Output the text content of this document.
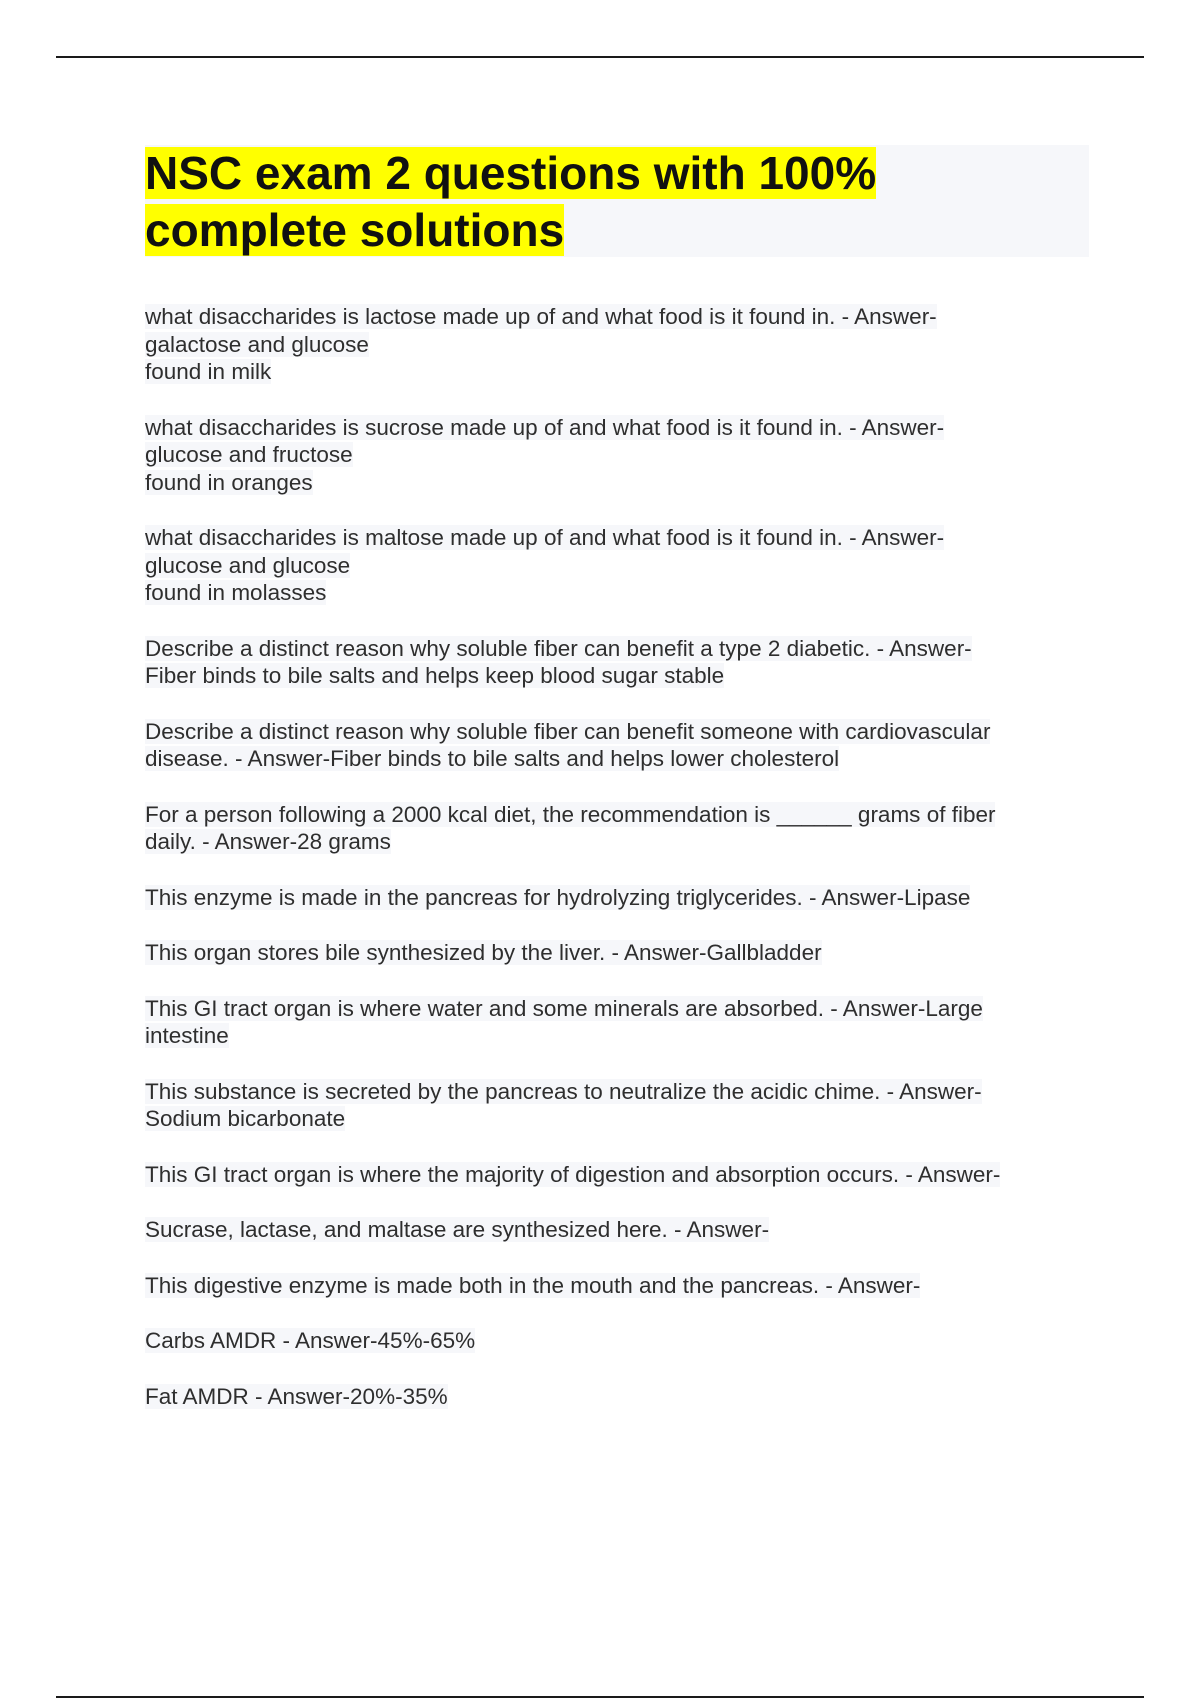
NSC exam 2 questions with 100%
complete solutions

what disaccharides is lactose made up of and what food is it found in. - Answer-
galactose and glucose
found in milk

what disaccharides is sucrose made up of and what food is it found in. - Answer-
glucose and fructose
found in oranges

what disaccharides is maltose made up of and what food is it found in. - Answer-
glucose and glucose
found in molasses

Describe a distinct reason why soluble fiber can benefit a type 2 diabetic. - Answer-
Fiber binds to bile salts and helps keep blood sugar stable

Describe a distinct reason why soluble fiber can benefit someone with cardiovascular
disease. - Answer-Fiber binds to bile salts and helps lower cholesterol

For a person following a 2000 kcal diet, the recommendation is ______ grams of fiber
daily. - Answer-28 grams

This enzyme is made in the pancreas for hydrolyzing triglycerides. - Answer-Lipase

This organ stores bile synthesized by the liver. - Answer-Gallbladder

This GI tract organ is where water and some minerals are absorbed. - Answer-Large
intestine

This substance is secreted by the pancreas to neutralize the acidic chime. - Answer-
Sodium bicarbonate

This GI tract organ is where the majority of digestion and absorption occurs. - Answer-

Sucrase, lactase, and maltase are synthesized here. - Answer-

This digestive enzyme is made both in the mouth and the pancreas. - Answer-

Carbs AMDR - Answer-45%-65%

Fat AMDR - Answer-20%-35%
